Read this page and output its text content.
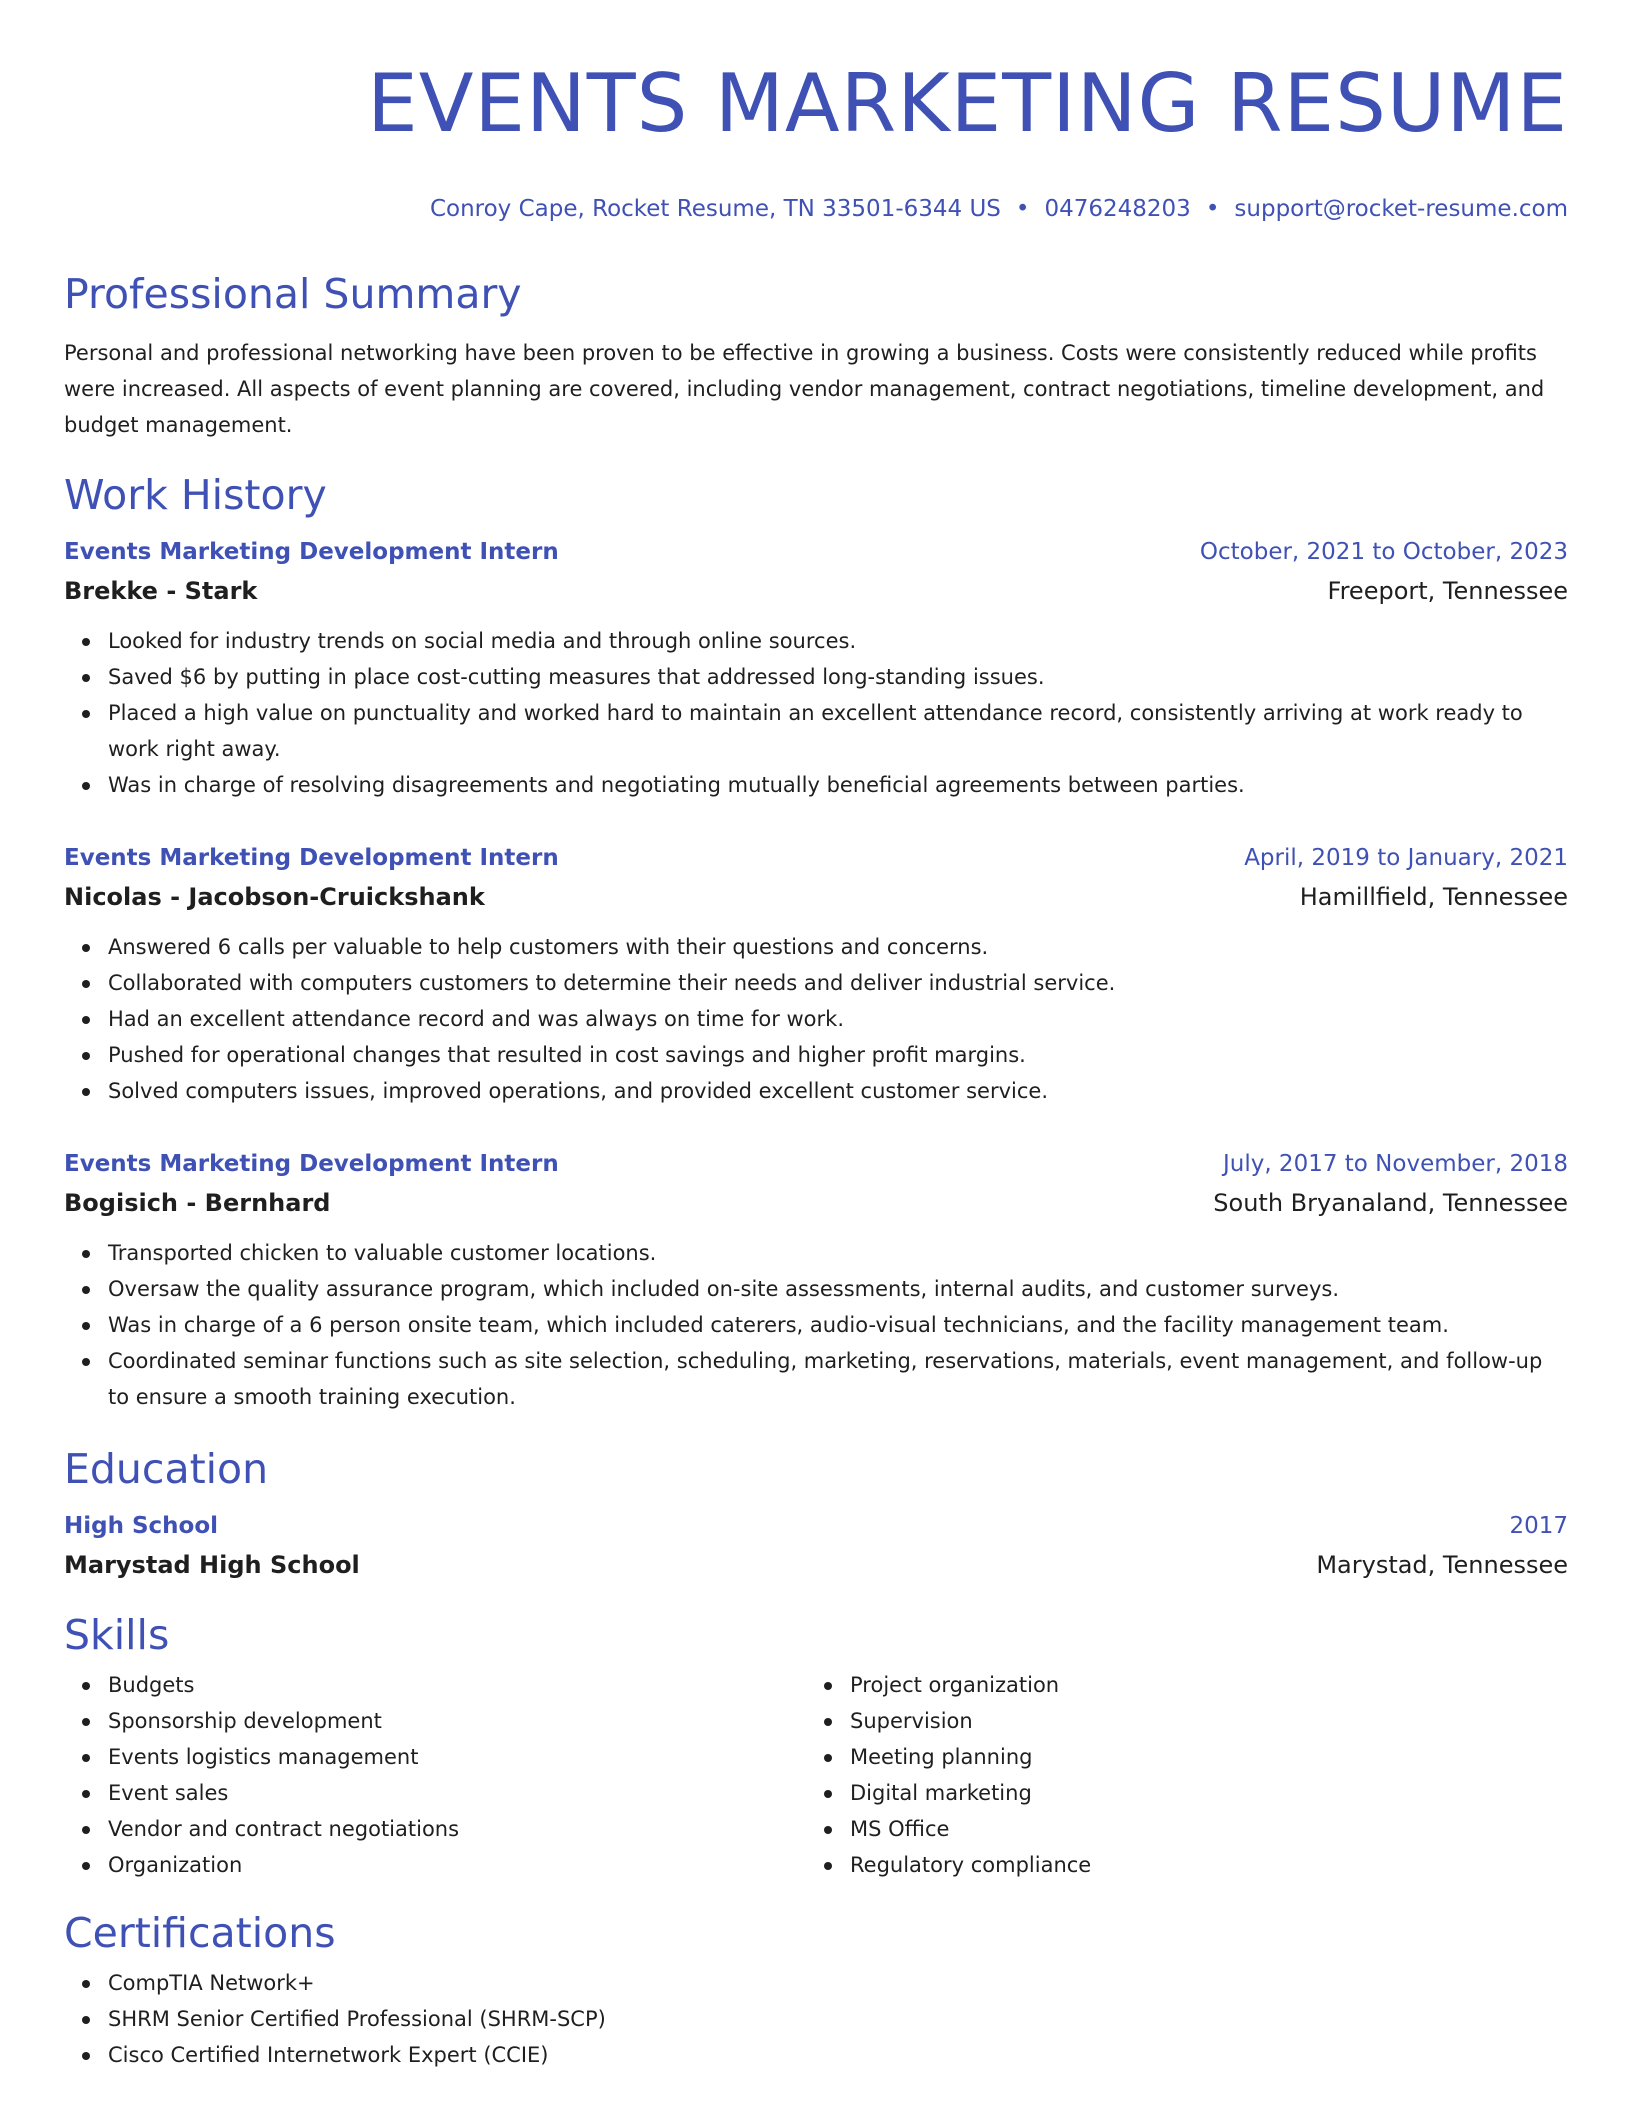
EVENTS MARKETING RESUME
Conroy Cape, Rocket Resume, TN 33501-6344 US • 0476248203 • support@rocket-resume.com
Professional Summary
Personal and professional networking have been proven to be effective in growing a business. Costs were consistently reduced while profits were increased. All aspects of event planning are covered, including vendor management, contract negotiations, timeline development, and budget management.
Work History
Events Marketing Development Intern	October, 2021 to October, 2023
Brekke - Stark	Freeport, Tennessee
Looked for industry trends on social media and through online sources.
Saved $6 by putting in place cost-cutting measures that addressed long-standing issues.
Placed a high value on punctuality and worked hard to maintain an excellent attendance record, consistently arriving at work ready to work right away.
Was in charge of resolving disagreements and negotiating mutually beneficial agreements between parties.
Events Marketing Development Intern	April, 2019 to January, 2021
Nicolas - Jacobson-Cruickshank	Hamillfield, Tennessee
Answered 6 calls per valuable to help customers with their questions and concerns.
Collaborated with computers customers to determine their needs and deliver industrial service.
Had an excellent attendance record and was always on time for work.
Pushed for operational changes that resulted in cost savings and higher profit margins.
Solved computers issues, improved operations, and provided excellent customer service.
Events Marketing Development Intern	July, 2017 to November, 2018
Bogisich - Bernhard	South Bryanaland, Tennessee
Transported chicken to valuable customer locations.
Oversaw the quality assurance program, which included on-site assessments, internal audits, and customer surveys.
Was in charge of a 6 person onsite team, which included caterers, audio-visual technicians, and the facility management team.
Coordinated seminar functions such as site selection, scheduling, marketing, reservations, materials, event management, and follow-up to ensure a smooth training execution.
Education
High School	2017
Marystad High School	Marystad, Tennessee
Skills
Budgets
Sponsorship development
Events logistics management
Event sales
Vendor and contract negotiations
Organization
Project organization
Supervision
Meeting planning
Digital marketing
MS Office
Regulatory compliance
Certifications
CompTIA Network+
SHRM Senior Certified Professional (SHRM-SCP)
Cisco Certified Internetwork Expert (CCIE)
